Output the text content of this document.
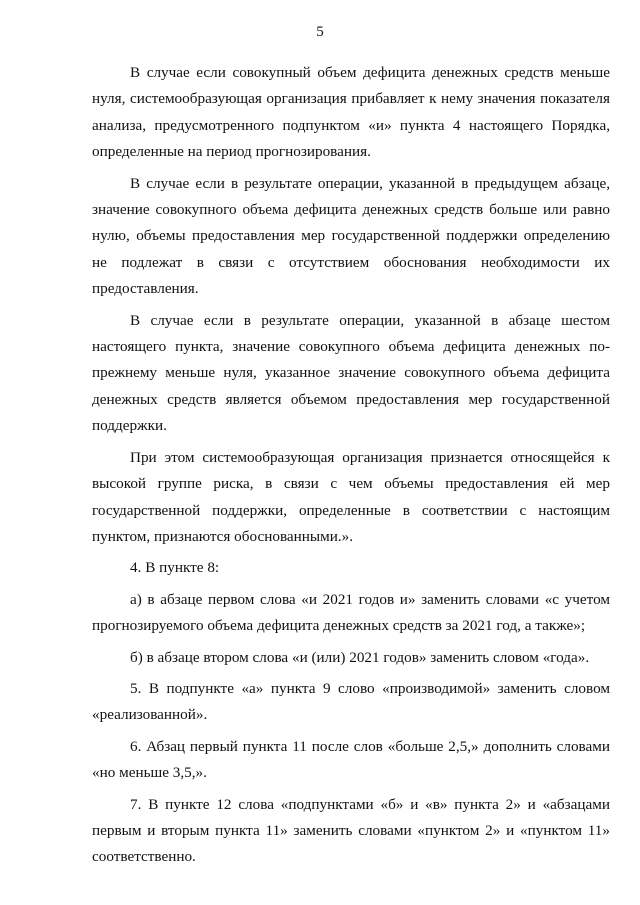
5

В случае если совокупный объем дефицита денежных средств меньше нуля, системообразующая организация прибавляет к нему значения показателя анализа, предусмотренного подпунктом «и» пункта 4 настоящего Порядка, определенные на период прогнозирования.

В случае если в результате операции, указанной в предыдущем абзаце, значение совокупного объема дефицита денежных средств больше или равно нулю, объемы предоставления мер государственной поддержки определению не подлежат в связи с отсутствием обоснования необходимости их предоставления.

В случае если в результате операции, указанной в абзаце шестом настоящего пункта, значение совокупного объема дефицита денежных по-прежнему меньше нуля, указанное значение совокупного объема дефицита денежных средств является объемом предоставления мер государственной поддержки.

При этом системообразующая организация признается относящейся к высокой группе риска, в связи с чем объемы предоставления ей мер государственной поддержки, определенные в соответствии с настоящим пунктом, признаются обоснованными.».

4. В пункте 8:

а) в абзаце первом слова «и 2021 годов и» заменить словами «с учетом прогнозируемого объема дефицита денежных средств за 2021 год, а также»;

б) в абзаце втором слова «и (или) 2021 годов» заменить словом «года».

5. В подпункте «а» пункта 9 слово «производимой» заменить словом «реализованной».

6. Абзац первый пункта 11 после слов «больше 2,5,» дополнить словами «но меньше 3,5,».

7. В пункте 12 слова «подпунктами «б» и «в» пункта 2» и «абзацами первым и вторым пункта 11» заменить словами «пунктом 2» и «пунктом 11» соответственно.
